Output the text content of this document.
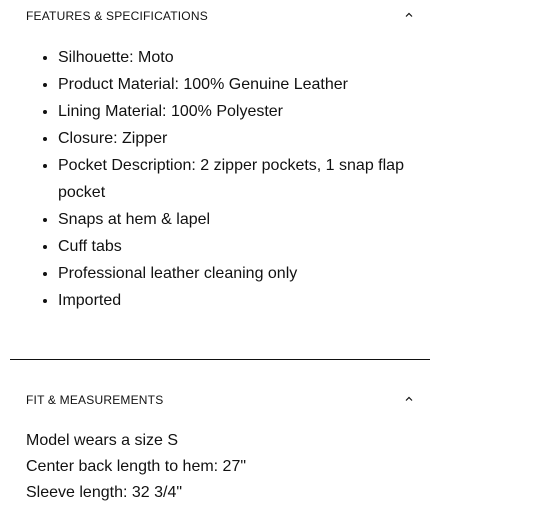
FEATURES & SPECIFICATIONS
• Silhouette: Moto
• Product Material: 100% Genuine Leather
• Lining Material: 100% Polyester
• Closure: Zipper
• Pocket Description: 2 zipper pockets, 1 snap flap pocket
• Snaps at hem & lapel
• Cuff tabs
• Professional leather cleaning only
• Imported
FIT & MEASUREMENTS
Model wears a size S
Center back length to hem: 27"
Sleeve length: 32 3/4"
